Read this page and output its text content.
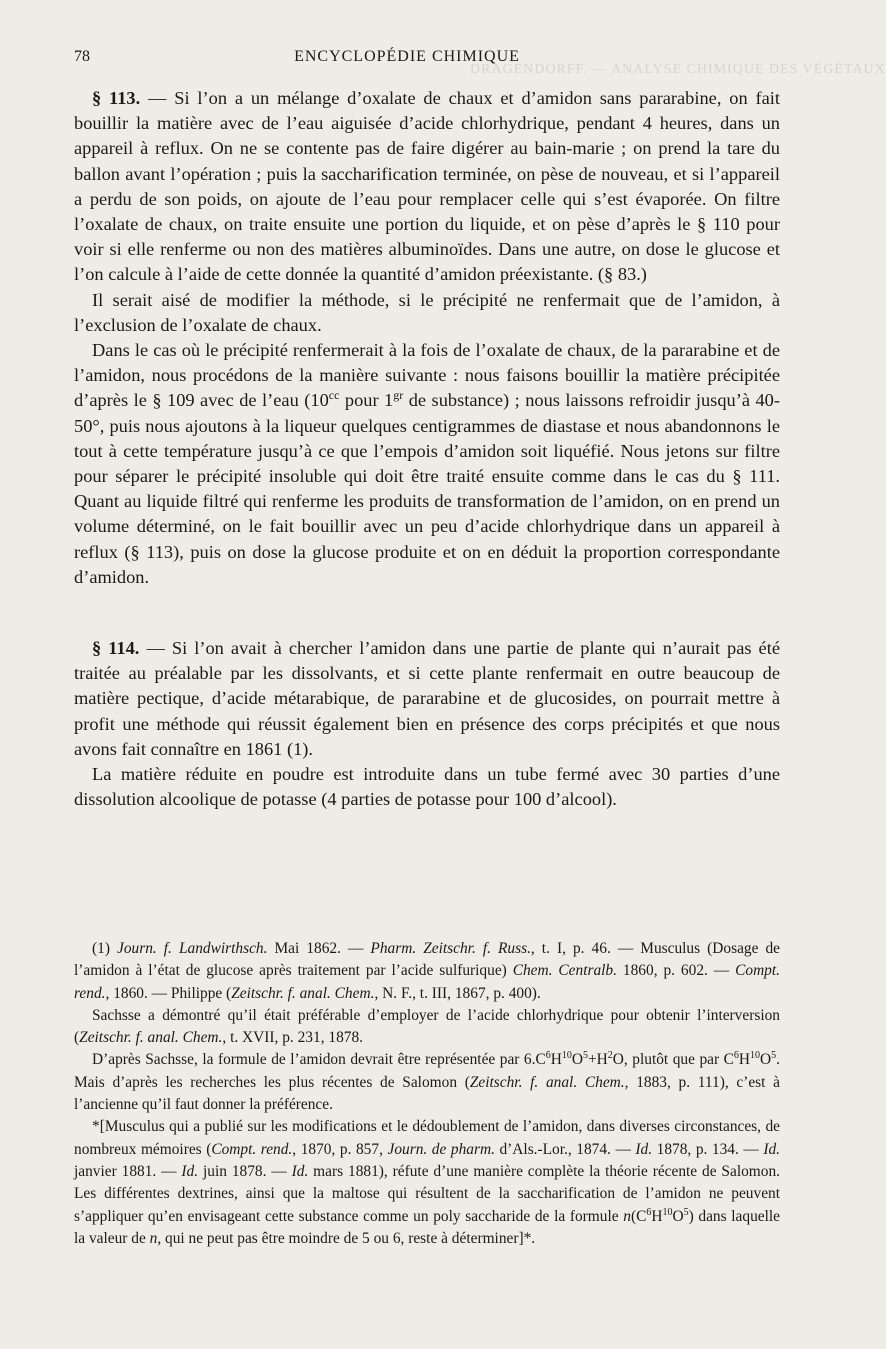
DRAGENDORFF. — ANALYSE CHIMIQUE DES VÉGÉTAUX
78	ENCYCLOPÉDIE CHIMIQUE

§ 113. — Si l’on a un mélange d’oxalate de chaux et d’amidon sans pararabine, on fait bouillir la matière avec de l’eau aiguisée d’acide chlorhydrique, pendant 4 heures, dans un appareil à reflux. On ne se contente pas de faire digérer au bain-marie ; on prend la tare du ballon avant l’opération ; puis la saccharification terminée, on pèse de nouveau, et si l’appareil a perdu de son poids, on ajoute de l’eau pour remplacer celle qui s’est évaporée. On filtre l’oxalate de chaux, on traite ensuite une portion du liquide, et on pèse d’après le § 110 pour voir si elle renferme ou non des matières albuminoïdes. Dans une autre, on dose le glucose et l’on calcule à l’aide de cette donnée la quantité d’amidon préexistante. (§ 83.)

Il serait aisé de modifier la méthode, si le précipité ne renfermait que de l’amidon, à l’exclusion de l’oxalate de chaux.

Dans le cas où le précipité renfermerait à la fois de l’oxalate de chaux, de la pararabine et de l’amidon, nous procédons de la manière suivante : nous faisons bouillir la matière précipitée d’après le § 109 avec de l’eau ($10^{cc}$ pour $1^{gr}$ de substance) ; nous laissons refroidir jusqu’à 40-50°, puis nous ajoutons à la liqueur quelques centigrammes de diastase et nous abandonnons le tout à cette température jusqu’à ce que l’empois d’amidon soit liquéfié. Nous jetons sur filtre pour séparer le précipité insoluble qui doit être traité ensuite comme dans le cas du § 111. Quant au liquide filtré qui renferme les produits de transformation de l’amidon, on en prend un volume déterminé, on le fait bouillir avec un peu d’acide chlorhydrique dans un appareil à reflux (§ 113), puis on dose la glucose produite et on en déduit la proportion correspondante d’amidon.

§ 114. — Si l’on avait à chercher l’amidon dans une partie de plante qui n’aurait pas été traitée au préalable par les dissolvants, et si cette plante renfermait en outre beaucoup de matière pectique, d’acide métarabique, de pararabine et de glucosides, on pourrait mettre à profit une méthode qui réussit également bien en présence des corps précipités et que nous avons fait connaître en 1861 (1).

La matière réduite en poudre est introduite dans un tube fermé avec 30 parties d’une dissolution alcoolique de potasse (4 parties de potasse pour 100 d’alcool).

(1) Journ. f. Landwirthsch. Mai 1862. — Pharm. Zeitschr. f. Russ., t. I, p. 46. — Musculus (Dosage de l’amidon à l’état de glucose après traitement par l’acide sulfurique) Chem. Centralb. 1860, p. 602. — Compt. rend., 1860. — Philippe (Zeitschr. f. anal. Chem., N. F., t. III, 1867, p. 400).

Sachsse a démontré qu’il était préférable d’employer de l’acide chlorhydrique pour obtenir l’interversion (Zeitschr. f. anal. Chem., t. XVII, p. 231, 1878.

D’après Sachsse, la formule de l’amidon devrait être représentée par $6.C^6H^{10}O^5+H^2O$, plutôt que par $C^6H^{10}O^5$. Mais d’après les recherches les plus récentes de Salomon (Zeitschr. f. anal. Chem., 1883, p. 111), c’est à l’ancienne qu’il faut donner la préférence.

*[Musculus qui a publié sur les modifications et le dédoublement de l’amidon, dans diverses circonstances, de nombreux mémoires (Compt. rend., 1870, p. 857, Journ. de pharm. d’Als.-Lor., 1874. — Id. 1878, p. 134. — Id. janvier 1881. — Id. juin 1878. — Id. mars 1881), réfute d’une manière complète la théorie récente de Salomon. Les différentes dextrines, ainsi que la maltose qui résultent de la saccharification de l’amidon ne peuvent s’appliquer qu’en envisageant cette substance comme un poly saccharide de la formule $n(C^6H^{10}O^5)$ dans laquelle la valeur de n, qui ne peut pas être moindre de 5 ou 6, reste à déterminer]*.
